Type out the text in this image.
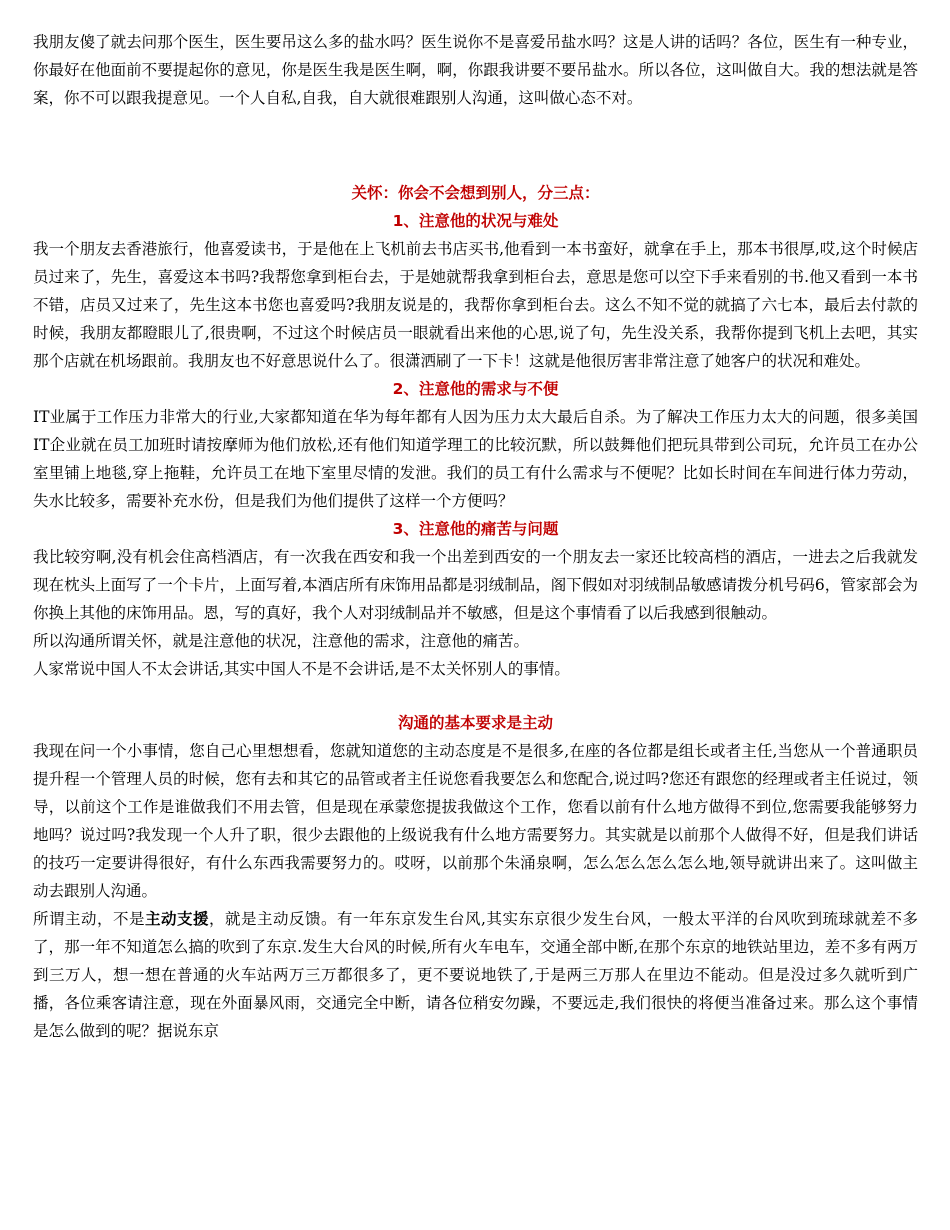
我朋友傻了就去问那个医生，医生要吊这么多的盐水吗？医生说你不是喜爱吊盐水吗？这是人讲的话吗？各位，医生有一种专业，你最好在他面前不要提起你的意见，你是医生我是医生啊，啊，你跟我讲要不要吊盐水。所以各位，这叫做自大。我的想法就是答案，你不可以跟我提意见。一个人自私,自我，自大就很难跟别人沟通，这叫做心态不对。

关怀：你会不会想到别人，分三点：

1、注意他的状况与难处

我一个朋友去香港旅行，他喜爱读书，于是他在上飞机前去书店买书,他看到一本书蛮好，就拿在手上，那本书很厚,哎,这个时候店员过来了，先生，喜爱这本书吗?我帮您拿到柜台去，于是她就帮我拿到柜台去，意思是您可以空下手来看别的书.他又看到一本书不错，店员又过来了，先生这本书您也喜爱吗?我朋友说是的，我帮你拿到柜台去。这么不知不觉的就搞了六七本，最后去付款的时候，我朋友都瞪眼儿了,很贵啊，不过这个时候店员一眼就看出来他的心思,说了句，先生没关系，我帮你提到飞机上去吧，其实那个店就在机场跟前。我朋友也不好意思说什么了。很潇洒刷了一下卡！这就是他很厉害非常注意了她客户的状况和难处。

2、注意他的需求与不便

IT业属于工作压力非常大的行业,大家都知道在华为每年都有人因为压力太大最后自杀。为了解决工作压力太大的问题，很多美国IT企业就在员工加班时请按摩师为他们放松,还有他们知道学理工的比较沉默，所以鼓舞他们把玩具带到公司玩，允许员工在办公室里铺上地毯,穿上拖鞋，允许员工在地下室里尽情的发泄。我们的员工有什么需求与不便呢？比如长时间在车间进行体力劳动，失水比较多，需要补充水份，但是我们为他们提供了这样一个方便吗？

3、注意他的痛苦与问题

我比较穷啊,没有机会住高档酒店，有一次我在西安和我一个出差到西安的一个朋友去一家还比较高档的酒店，一进去之后我就发现在枕头上面写了一个卡片，上面写着,本酒店所有床饰用品都是羽绒制品，阁下假如对羽绒制品敏感请拨分机号码6，管家部会为你换上其他的床饰用品。恩，写的真好，我个人对羽绒制品并不敏感，但是这个事情看了以后我感到很触动。

所以沟通所谓关怀，就是注意他的状况，注意他的需求，注意他的痛苦。

人家常说中国人不太会讲话,其实中国人不是不会讲话,是不太关怀别人的事情。

沟通的基本要求是主动

我现在问一个小事情，您自己心里想想看，您就知道您的主动态度是不是很多,在座的各位都是组长或者主任,当您从一个普通职员提升程一个管理人员的时候，您有去和其它的品管或者主任说您看我要怎么和您配合,说过吗?您还有跟您的经理或者主任说过，领导，以前这个工作是谁做我们不用去管，但是现在承蒙您提拔我做这个工作，您看以前有什么地方做得不到位,您需要我能够努力地吗？说过吗?我发现一个人升了职，很少去跟他的上级说我有什么地方需要努力。其实就是以前那个人做得不好，但是我们讲话的技巧一定要讲得很好，有什么东西我需要努力的。哎呀，以前那个朱涌泉啊，怎么怎么怎么怎么地,领导就讲出来了。这叫做主动去跟别人沟通。

所谓主动，不是主动支援，就是主动反馈。有一年东京发生台风,其实东京很少发生台风，一般太平洋的台风吹到琉球就差不多了，那一年不知道怎么搞的吹到了东京.发生大台风的时候,所有火车电车，交通全部中断,在那个东京的地铁站里边，差不多有两万到三万人，想一想在普通的火车站两万三万都很多了，更不要说地铁了,于是两三万那人在里边不能动。但是没过多久就听到广播，各位乘客请注意，现在外面暴风雨，交通完全中断，请各位稍安勿躁，不要远走,我们很快的将便当准备过来。那么这个事情是怎么做到的呢？据说东京
